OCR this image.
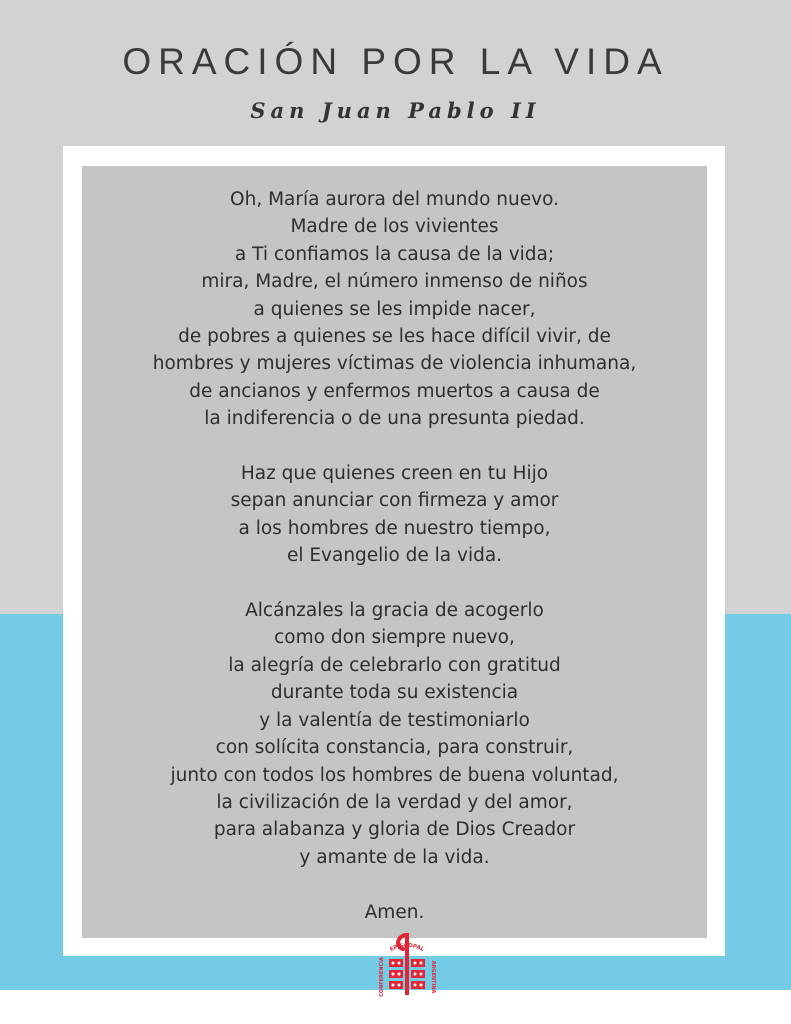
ORACIÓN POR LA VIDA
San Juan Pablo II

Oh, María aurora del mundo nuevo.
Madre de los vivientes
a Ti confiamos la causa de la vida;
mira, Madre, el número inmenso de niños
a quienes se les impide nacer,
de pobres a quienes se les hace difícil vivir, de
hombres y mujeres víctimas de violencia inhumana,
de ancianos y enfermos muertos a causa de
la indiferencia o de una presunta piedad.

Haz que quienes creen en tu Hijo
sepan anunciar con firmeza y amor
a los hombres de nuestro tiempo,
el Evangelio de la vida.

Alcánzales la gracia de acogerlo
como don siempre nuevo,
la alegría de celebrarlo con gratitud
durante toda su existencia
y la valentía de testimoniarlo
con solícita constancia, para construir,
junto con todos los hombres de buena voluntad,
la civilización de la verdad y del amor,
para alabanza y gloria de Dios Creador
y amante de la vida.

Amen.
EPISCOPAL
CONFERENCIA	ARGENTINA
